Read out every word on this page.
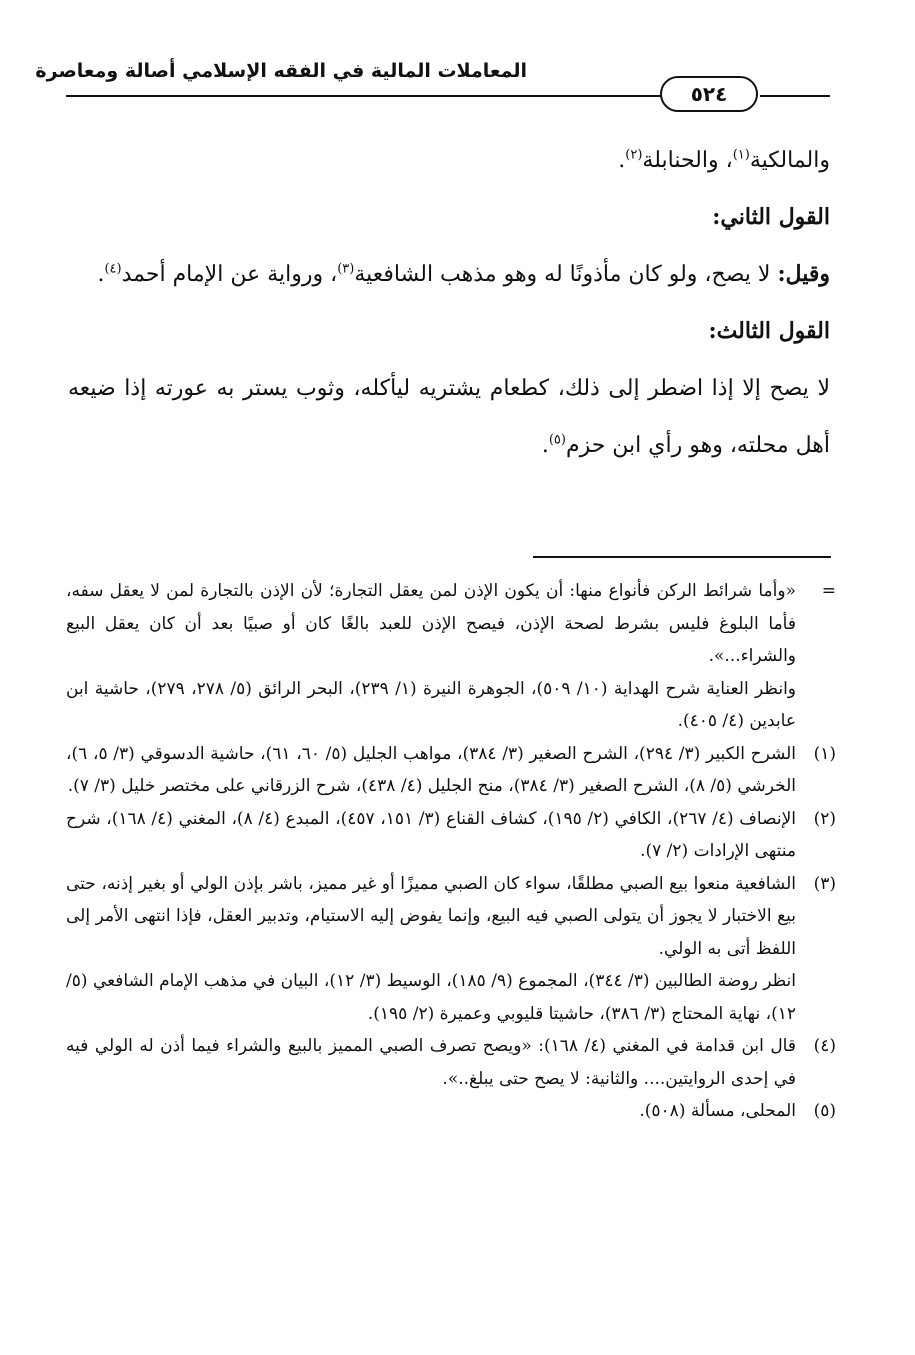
المعاملات المالية في الفقه الإسلامي أصالة ومعاصرة
٥٢٤

والمالكية$^{(١)}$، والحنابلة$^{(٢)}$.

القول الثاني:

وقيل: لا يصح، ولو كان مأذونًا له وهو مذهب الشافعية$^{(٣)}$، ورواية عن الإمام أحمد$^{(٤)}$.

القول الثالث:

لا يصح إلا إذا اضطر إلى ذلك، كطعام يشتريه ليأكله، وثوب يستر به عورته إذا ضيعه أهل محلته، وهو رأي ابن حزم$^{(٥)}$.

=
«وأما شرائط الركن فأنواع منها: أن يكون الإذن لمن يعقل التجارة؛ لأن الإذن بالتجارة لمن لا يعقل سفه، فأما البلوغ فليس بشرط لصحة الإذن، فيصح الإذن للعبد بالغًا كان أو صبيًا بعد أن كان يعقل البيع والشراء...».

وانظر العناية شرح الهداية (١٠/ ٥٠٩)، الجوهرة النيرة (١/ ٢٣٩)، البحر الرائق (٥/ ٢٧٨، ٢٧٩)، حاشية ابن عابدين (٤/ ٤٠٥).

(١)
الشرح الكبير (٣/ ٢٩٤)، الشرح الصغير (٣/ ٣٨٤)، مواهب الجليل (٥/ ٦٠، ٦١)، حاشية الدسوقي (٣/ ٥، ٦)، الخرشي (٥/ ٨)، الشرح الصغير (٣/ ٣٨٤)، منح الجليل (٤/ ٤٣٨)، شرح الزرقاني على مختصر خليل (٣/ ٧).
(٢)
الإنصاف (٤/ ٢٦٧)، الكافي (٢/ ١٩٥)، كشاف القناع (٣/ ١٥١، ٤٥٧)، المبدع (٤/ ٨)، المغني (٤/ ١٦٨)، شرح منتهى الإرادات (٢/ ٧).
(٣)
الشافعية منعوا بيع الصبي مطلقًا، سواء كان الصبي مميزًا أو غير مميز، باشر بإذن الولي أو بغير إذنه، حتى بيع الاختبار لا يجوز أن يتولى الصبي فيه البيع، وإنما يفوض إليه الاستيام، وتدبير العقل، فإذا انتهى الأمر إلى اللفظ أتى به الولي.

انظر روضة الطالبين (٣/ ٣٤٤)، المجموع (٩/ ١٨٥)، الوسيط (٣/ ١٢)، البيان في مذهب الإمام الشافعي (٥/ ١٢)، نهاية المحتاج (٣/ ٣٨٦)، حاشيتا قليوبي وعميرة (٢/ ١٩٥).

(٤)
قال ابن قدامة في المغني (٤/ ١٦٨): «ويصح تصرف الصبي المميز بالبيع والشراء فيما أذن له الولي فيه في إحدى الروايتين.... والثانية: لا يصح حتى يبلغ..».
(٥)
المحلى، مسألة (٥٠٨).
